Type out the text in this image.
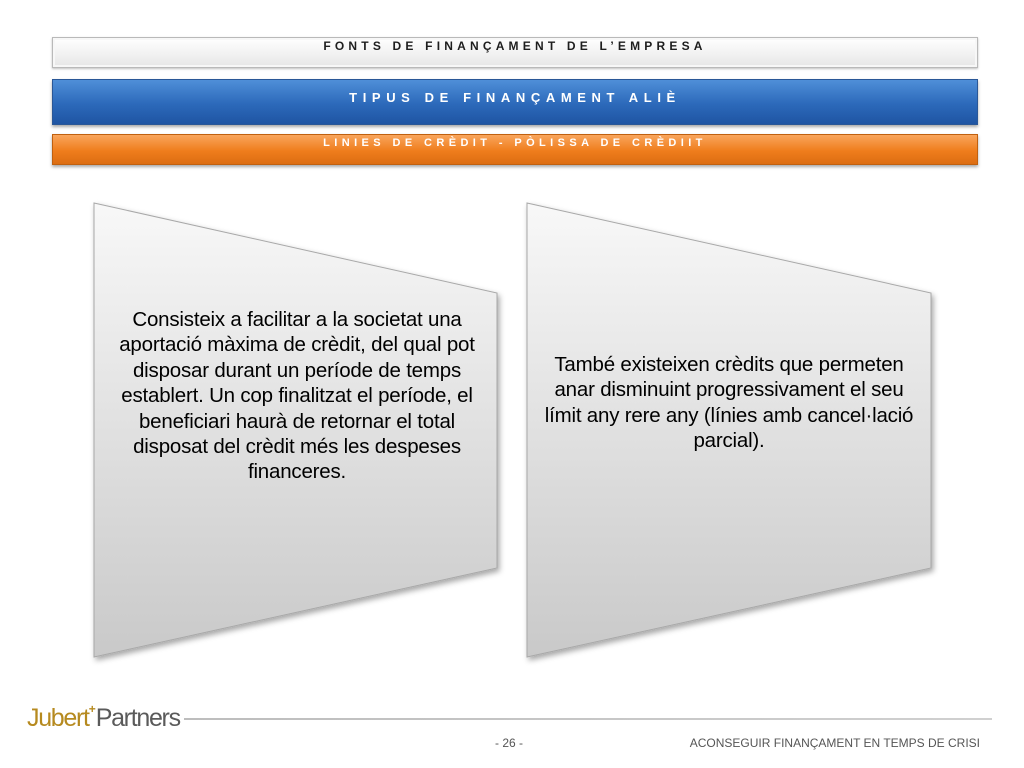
FONTS DE FINANÇAMENT DE L’EMPRESA
TIPUS DE FINANÇAMENT ALIÈ
LINIES DE CRÈDIT - PÒLISSA DE CRÈDIIT
Consisteix a facilitar a la societat una aportació màxima de crèdit, del qual pot disposar durant un període de temps establert. Un cop finalitzat el període, el beneficiari haurà de retornar el total disposat del crèdit més les despeses financeres.
També existeixen crèdits que permeten anar disminuint progressivament el seu límit any rere any (línies amb cancel·lació parcial).
Jubert+Partners
- 26 -	ACONSEGUIR FINANÇAMENT EN TEMPS DE CRISI
